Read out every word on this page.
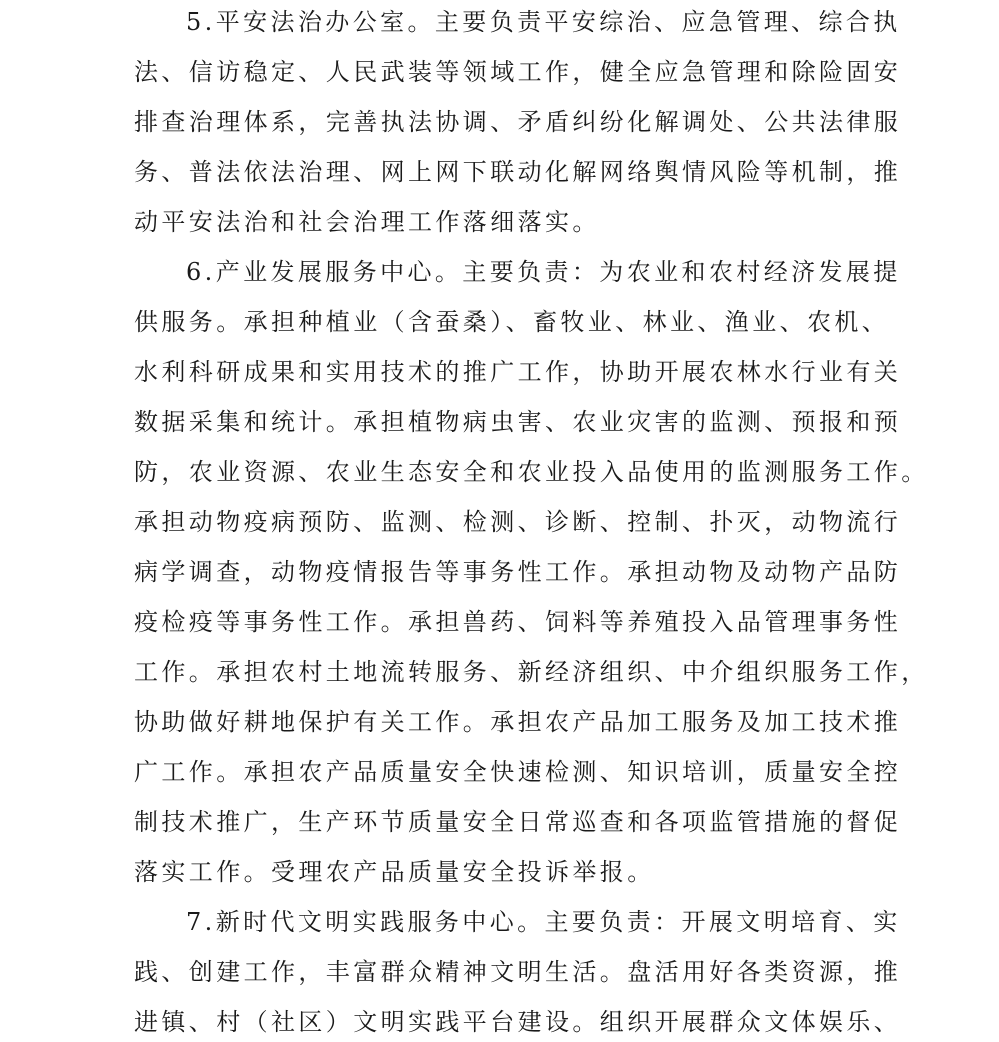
5.平安法治办公室。主要负责平安综治、应急管理、综合执
法、信访稳定、人民武装等领域工作，健全应急管理和除险固安
排查治理体系，完善执法协调、矛盾纠纷化解调处、公共法律服
务、普法依法治理、网上网下联动化解网络舆情风险等机制，推
动平安法治和社会治理工作落细落实。
6.产业发展服务中心。主要负责：为农业和农村经济发展提
供服务。承担种植业（含蚕桑）、畜牧业、林业、渔业、农机、
水利科研成果和实用技术的推广工作，协助开展农林水行业有关
数据采集和统计。承担植物病虫害、农业灾害的监测、预报和预
防，农业资源、农业生态安全和农业投入品使用的监测服务工作。
承担动物疫病预防、监测、检测、诊断、控制、扑灭，动物流行
病学调查，动物疫情报告等事务性工作。承担动物及动物产品防
疫检疫等事务性工作。承担兽药、饲料等养殖投入品管理事务性
工作。承担农村土地流转服务、新经济组织、中介组织服务工作，
协助做好耕地保护有关工作。承担农产品加工服务及加工技术推
广工作。承担农产品质量安全快速检测、知识培训，质量安全控
制技术推广，生产环节质量安全日常巡查和各项监管措施的督促
落实工作。受理农产品质量安全投诉举报。
7.新时代文明实践服务中心。主要负责：开展文明培育、实
践、创建工作，丰富群众精神文明生活。盘活用好各类资源，推
进镇、村（社区）文明实践平台建设。组织开展群众文体娱乐、
